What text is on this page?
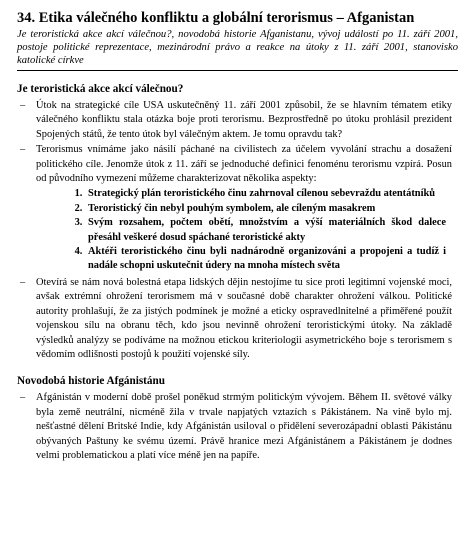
34. Etika válečného konfliktu a globální terorismus – Afganistan

Je teroristická akce akcí válečnou?, novodobá historie Afganistanu, vývoj událostí po 11. září 2001, postoje politické reprezentace, mezinárodní právo a reakce na útoky z 11. září 2001, stanovisko katolické církve

Je teroristická akce akcí válečnou?
– Útok na strategické cíle USA uskutečněný 11. září 2001 způsobil, že se hlavním tématem etiky válečného konfliktu stala otázka boje proti terorismu. Bezprostředně po útoku prohlásil prezident Spojených států, že tento útok byl válečným aktem. Je tomu opravdu tak?
– Terorismus vnímáme jako násilí páchané na civilistech za účelem vyvolání strachu a dosažení politického cíle. Jenomže útok z 11. září se jednoduché definici fenoménu terorismu vzpírá. Posun od původního vymezení můžeme charakterizovat několika aspekty:
1. Strategický plán teroristického činu zahrnoval cílenou sebevraždu atentátníků
2. Teroristický čin nebyl pouhým symbolem, ale cíleným masakrem
3. Svým rozsahem, počtem obětí, množstvím a výší materiálních škod dalece přesáhl veškeré dosud spáchané teroristické akty
4. Aktéři teroristického činu byli nadnárodně organizováni a propojeni a tudíž i nadále schopni uskutečnit údery na mnoha místech světa
– Otevírá se nám nová bolestná etapa lidských dějin nestojíme tu sice proti legitimní vojenské moci, avšak extrémní ohrožení terorismem má v současné době charakter ohrožení válkou. Politické autority prohlašují, že za jistých podmínek je možné a eticky ospravedlnitelné a přiměřené použít vojenskou sílu na obranu těch, kdo jsou nevinně ohrožení teroristickými útoky. Na základě výsledků analýzy se podíváme na možnou etickou kriteriologii asymetrického boje s terorismem s vědomím odlišnosti postojů k použití vojenské síly.
Novodobá historie Afgánistánu
– Afgánistán v moderní době prošel poněkud strmým politickým vývojem. Během II. světové války byla země neutrální, nicméně žila v trvale napjatých vztazích s Pákistánem. Na vině bylo mj. nešťastné dělení Britské Indie, kdy Afgánistán usiloval o přidělení severozápadní oblasti Pákistánu obývaných Paštuny ke svému území. Právě hranice mezi Afgánistánem a Pákistánem je dodnes velmi problematickou a platí více méně jen na papíře.
